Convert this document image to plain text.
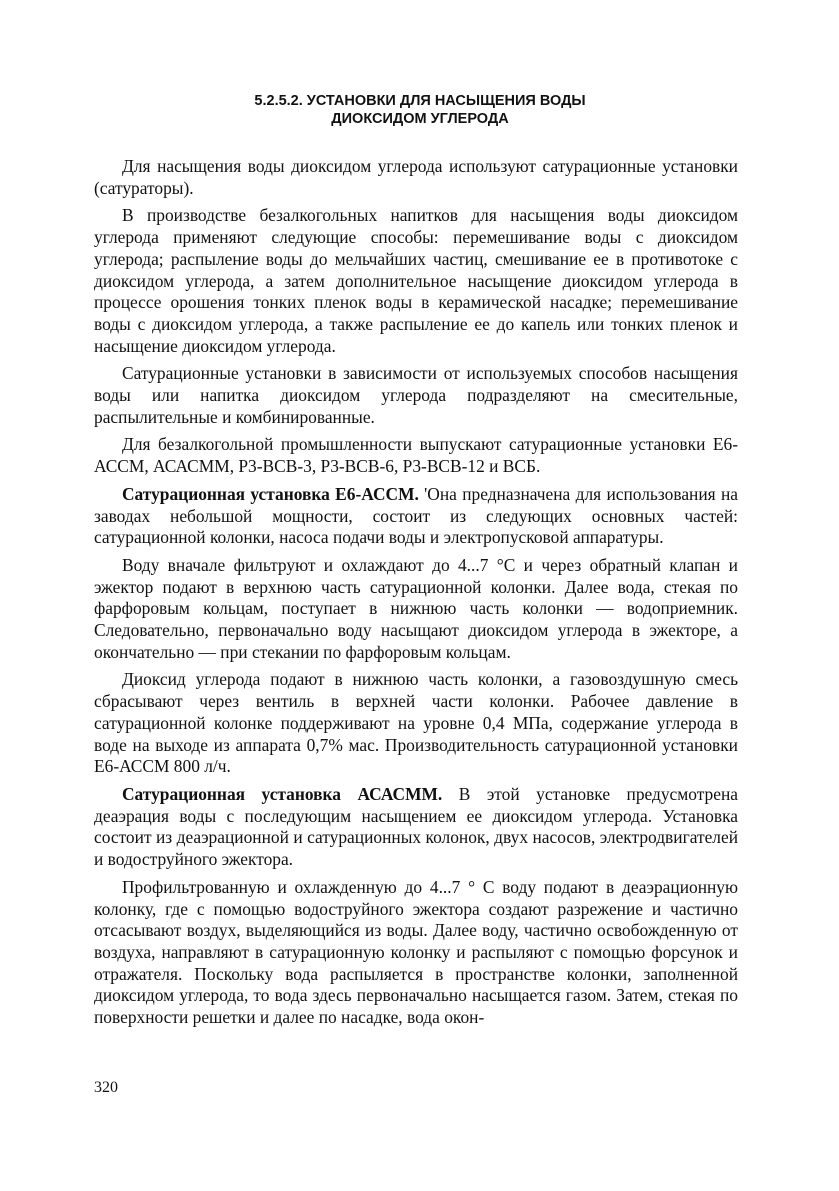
5.2.5.2. УСТАНОВКИ ДЛЯ НАСЫЩЕНИЯ ВОДЫ
ДИОКСИДОМ УГЛЕРОДА

Для насыщения воды диоксидом углерода используют сатурационные установки (сатураторы).

В производстве безалкогольных напитков для насыщения воды диоксидом углерода применяют следующие способы: перемешивание воды с диоксидом углерода; распыление воды до мельчайших частиц, смешивание ее в противотоке с диоксидом углерода, а затем дополнительное насыщение диоксидом углерода в процессе орошения тонких пленок воды в керамической насадке; перемешивание воды с диоксидом углерода, а также распыление ее до капель или тонких пленок и насыщение диоксидом углерода.

Сатурационные установки в зависимости от используемых способов насыщения воды или напитка диоксидом углерода подразделяют на смесительные, распылительные и комбинированные.

Для безалкогольной промышленности выпускают сатурационные установки Е6-АССМ, АСАСММ, Р3-ВСВ-3, Р3-ВСВ-6, Р3-ВСВ-12 и ВСБ.

Сатурационная установка Е6-АССМ. 'Она предназначена для использования на заводах небольшой мощности, состоит из следующих основных частей: сатурационной колонки, насоса подачи воды и электропусковой аппаратуры.

Воду вначале фильтруют и охлаждают до 4...7 °С и через обратный клапан и эжектор подают в верхнюю часть сатурационной колонки. Далее вода, стекая по фарфоровым кольцам, поступает в нижнюю часть колонки — водоприемник. Следовательно, первоначально воду насыщают диоксидом углерода в эжекторе, а окончательно — при стекании по фарфоровым кольцам.

Диоксид углерода подают в нижнюю часть колонки, а газовоздушную смесь сбрасывают через вентиль в верхней части колонки. Рабочее давление в сатурационной колонке поддерживают на уровне 0,4 МПа, содержание углерода в воде на выходе из аппарата 0,7% мас. Производительность сатурационной установки Е6-АССМ 800 л/ч.

Сатурационная установка АСАСММ. В этой установке предусмотрена деаэрация воды с последующим насыщением ее диоксидом углерода. Установка состоит из деаэрационной и сатурационных колонок, двух насосов, электродвигателей и водоструйного эжектора.

Профильтрованную и охлажденную до 4...7 ° С воду подают в деаэрационную колонку, где с помощью водоструйного эжектора создают разрежение и частично отсасывают воздух, выделяющийся из воды. Далее воду, частично освобожденную от воздуха, направляют в сатурационную колонку и распыляют с помощью форсунок и отражателя. Поскольку вода распыляется в пространстве колонки, заполненной диоксидом углерода, то вода здесь первоначально насыщается газом. Затем, стекая по поверхности решетки и далее по насадке, вода окон-

320
